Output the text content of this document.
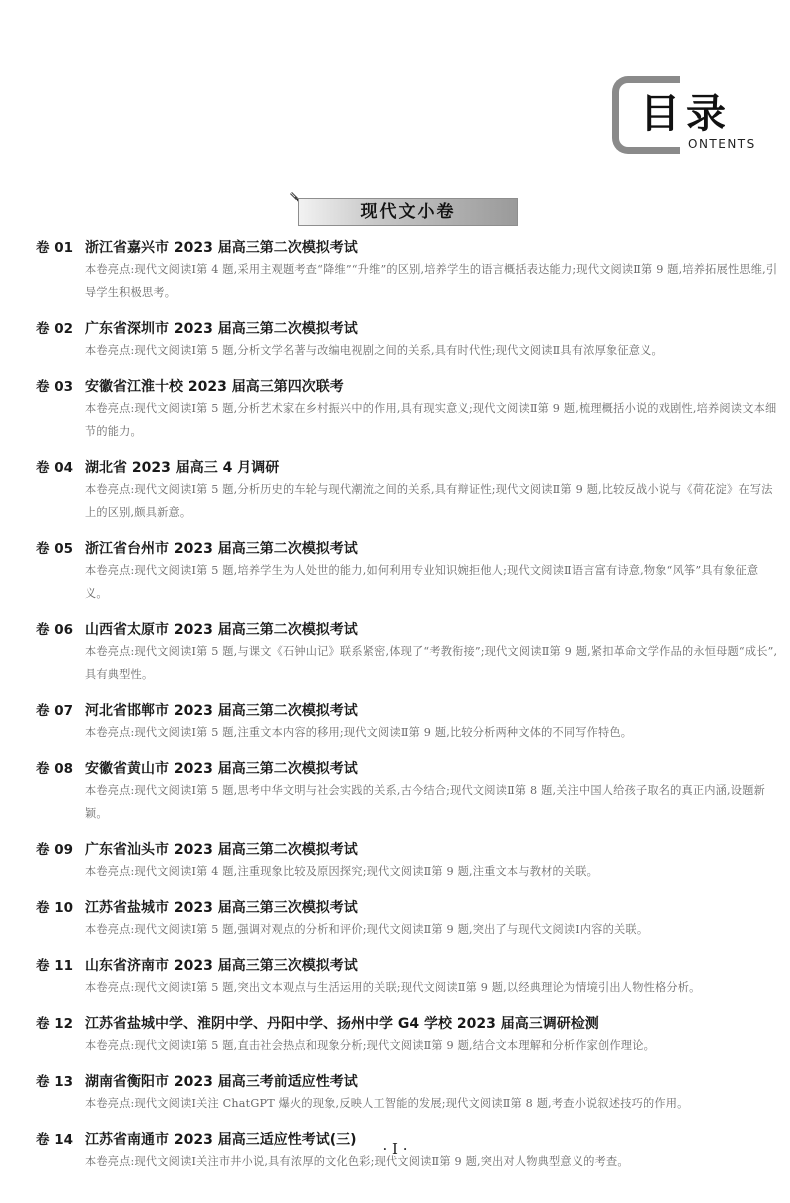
目录
ONTENTS
现代文小卷
卷 01 浙江省嘉兴市 2023 届高三第二次模拟考试
本卷亮点:现代文阅读Ⅰ第 4 题,采用主观题考查“降维”“升维”的区别,培养学生的语言概括表达能力;现代文阅读Ⅱ第 9 题,培养拓展性思维,引导学生积极思考。
卷 02 广东省深圳市 2023 届高三第二次模拟考试
本卷亮点:现代文阅读Ⅰ第 5 题,分析文学名著与改编电视剧之间的关系,具有时代性;现代文阅读Ⅱ具有浓厚象征意义。
卷 03 安徽省江淮十校 2023 届高三第四次联考
本卷亮点:现代文阅读Ⅰ第 5 题,分析艺术家在乡村振兴中的作用,具有现实意义;现代文阅读Ⅱ第 9 题,梳理概括小说的戏剧性,培养阅读文本细节的能力。
卷 04 湖北省 2023 届高三 4 月调研
本卷亮点:现代文阅读Ⅰ第 5 题,分析历史的车轮与现代潮流之间的关系,具有辩证性;现代文阅读Ⅱ第 9 题,比较反战小说与《荷花淀》在写法上的区别,颇具新意。
卷 05 浙江省台州市 2023 届高三第二次模拟考试
本卷亮点:现代文阅读Ⅰ第 5 题,培养学生为人处世的能力,如何利用专业知识婉拒他人;现代文阅读Ⅱ语言富有诗意,物象“风筝”具有象征意义。
卷 06 山西省太原市 2023 届高三第二次模拟考试
本卷亮点:现代文阅读Ⅰ第 5 题,与课文《石钟山记》联系紧密,体现了“考教衔接”;现代文阅读Ⅱ第 9 题,紧扣革命文学作品的永恒母题“成长”,具有典型性。
卷 07 河北省邯郸市 2023 届高三第二次模拟考试
本卷亮点:现代文阅读Ⅰ第 5 题,注重文本内容的移用;现代文阅读Ⅱ第 9 题,比较分析两种文体的不同写作特色。
卷 08 安徽省黄山市 2023 届高三第二次模拟考试
本卷亮点:现代文阅读Ⅰ第 5 题,思考中华文明与社会实践的关系,古今结合;现代文阅读Ⅱ第 8 题,关注中国人给孩子取名的真正内涵,设题新颖。
卷 09 广东省汕头市 2023 届高三第二次模拟考试
本卷亮点:现代文阅读Ⅰ第 4 题,注重现象比较及原因探究;现代文阅读Ⅱ第 9 题,注重文本与教材的关联。
卷 10 江苏省盐城市 2023 届高三第三次模拟考试
本卷亮点:现代文阅读Ⅰ第 5 题,强调对观点的分析和评价;现代文阅读Ⅱ第 9 题,突出了与现代文阅读Ⅰ内容的关联。
卷 11 山东省济南市 2023 届高三第三次模拟考试
本卷亮点:现代文阅读Ⅰ第 5 题,突出文本观点与生活运用的关联;现代文阅读Ⅱ第 9 题,以经典理论为情境引出人物性格分析。
卷 12 江苏省盐城中学、淮阴中学、丹阳中学、扬州中学 G4 学校 2023 届高三调研检测
本卷亮点:现代文阅读Ⅰ第 5 题,直击社会热点和现象分析;现代文阅读Ⅱ第 9 题,结合文本理解和分析作家创作理论。
卷 13 湖南省衡阳市 2023 届高三考前适应性考试
本卷亮点:现代文阅读Ⅰ关注 ChatGPT 爆火的现象,反映人工智能的发展;现代文阅读Ⅱ第 8 题,考查小说叙述技巧的作用。
卷 14 江苏省南通市 2023 届高三适应性考试(三)
本卷亮点:现代文阅读Ⅰ关注市井小说,具有浓厚的文化色彩;现代文阅读Ⅱ第 9 题,突出对人物典型意义的考查。
· Ⅰ ·
